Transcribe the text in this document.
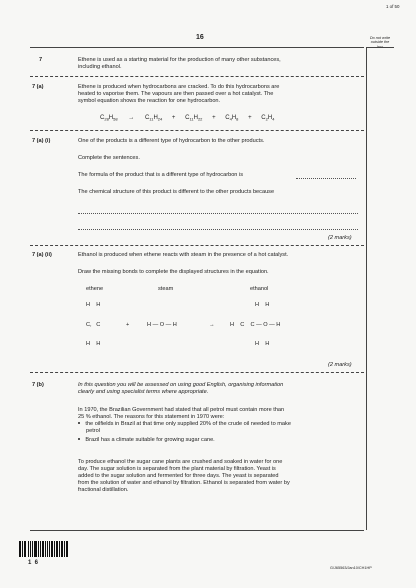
1 of 50
16	Do not write
outside the
box
7	Ethene is used as a starting material for the production of many other substances,
including ethanol.
7 (a)	Ethene is produced when hydrocarbons are cracked. To do this hydrocarbons are
heated to vaporise them. The vapours are then passed over a hot catalyst. The
symbol equation shows the reaction for one hydrocarbon.
$C_{28}H_{58} \to C_{11}H_{24} + C_{11}H_{22} + C_4H_8 + C_2H_4$
7 (a) (i)	One of the products is a different type of hydrocarbon to the other products.
Complete the sentences.
The formula of the product that is a different type of hydrocarbon is
The chemical structure of this product is different to the other products because
(2 marks)
7 (a) (ii)	Ethanol is produced when ethene reacts with steam in the presence of a hot catalyst.
Draw the missing bonds to complete the displayed structures in the equation.
ethene	steam	ethanol
H    H	H    H
C,   C	+	H — O — H	→	H    C    C — O — H
H    H	H    H
(2 marks)
7 (b)	In this question you will be assessed on using good English, organising information
clearly and using specialist terms where appropriate.
In 1970, the Brazilian Government had stated that all petrol must contain more than
25 % ethanol. The reasons for this statement in 1970 were:
the oilfields in Brazil at that time only supplied 20% of the crude oil needed to make
petrol
Brazil has a climate suitable for growing sugar cane.
To produce ethanol the sugar cane plants are crushed and soaked in water for one
day. The sugar solution is separated from the plant material by filtration. Yeast is
added to the sugar solution and fermented for three days. The yeast is separated
from the solution of water and ethanol by filtration. Ethanol is separated from water by
fractional distillation.
1  6
G/J65563/Jan10/CH1HP
